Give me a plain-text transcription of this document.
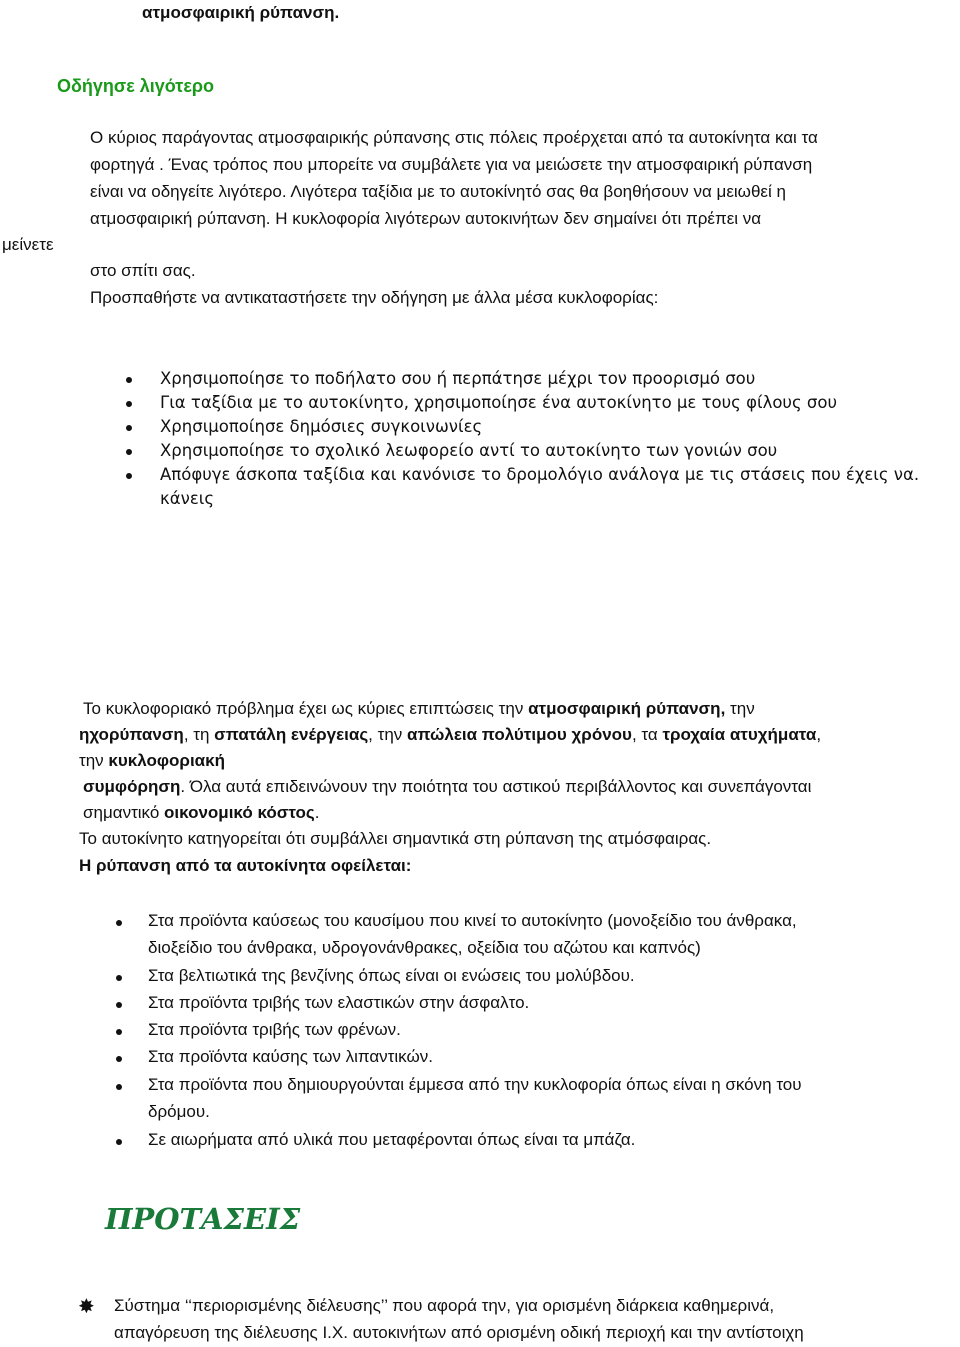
ατμοσφαιρική ρύπανση.
Οδήγησε λιγότερο
Ο κύριος παράγοντας ατμοσφαιρικής ρύπανσης στις πόλεις προέρχεται από τα αυτοκίνητα και τα
φορτηγά . Ένας τρόπος που μπορείτε να συμβάλετε για να μειώσετε την ατμοσφαιρική ρύπανση
είναι να οδηγείτε λιγότερο. Λιγότερα ταξίδια με το αυτοκίνητό σας θα βοηθήσουν να μειωθεί η
ατμοσφαιρική ρύπανση. Η κυκλοφορία λιγότερων αυτοκινήτων δεν σημαίνει ότι πρέπει να
μείνετε
στο σπίτι σας.
Προσπαθήστε να αντικαταστήσετε την οδήγηση με άλλα μέσα κυκλοφορίας:
Χρησιμοποίησε το ποδήλατο σου ή περπάτησε μέχρι τον προορισμό σου
Για ταξίδια με το αυτοκίνητο, χρησιμοποίησε ένα αυτοκίνητο με τους φίλους σου
Χρησιμοποίησε δημόσιες συγκοινωνίες
Χρησιμοποίησε το σχολικό λεωφορείο αντί το αυτοκίνητο των γονιών σου
Απόφυγε άσκοπα ταξίδια και κανόνισε το δρομολόγιο ανάλογα με τις στάσεις που έχεις να.
κάνεις
Το κυκλοφοριακό πρόβλημα έχει ως κύριες επιπτώσεις την ατμοσφαιρική ρύπανση, την
ηχορύπανση, τη σπατάλη ενέργειας, την απώλεια πολύτιμου χρόνου, τα τροχαία ατυχήματα,
την κυκλοφοριακή
συμφόρηση. Όλα αυτά επιδεινώνουν την ποιότητα του αστικού περιβάλλοντος και συνεπάγονται
σημαντικό οικονομικό κόστος.
Το αυτοκίνητο κατηγορείται ότι συμβάλλει σημαντικά στη ρύπανση της ατμόσφαιρας.
Η ρύπανση από τα αυτοκίνητα οφείλεται:
Στα προϊόντα καύσεως του καυσίμου που κινεί το αυτοκίνητο (μονοξείδιο του άνθρακα,
διοξείδιο του άνθρακα, υδρογονάνθρακες, οξείδια του αζώτου και καπνός)
Στα βελτιωτικά της βενζίνης όπως είναι οι ενώσεις του μολύβδου.
Στα προϊόντα τριβής των ελαστικών στην άσφαλτο.
Στα προϊόντα τριβής των φρένων.
Στα προϊόντα καύσης των λιπαντικών.
Στα προϊόντα που δημιουργούνται έμμεσα από την κυκλοφορία όπως είναι η σκόνη του
δρόμου.
Σε αιωρήματα από υλικά που μεταφέρονται όπως είναι τα μπάζα.
ΠΡΟΤΑΣΕΙΣ
✸ Σύστημα ‘‘περιορισμένης διέλευσης’’ που αφορά την, για ορισμένη διάρκεια καθημερινά,
απαγόρευση της διέλευσης Ι.Χ. αυτοκινήτων από ορισμένη οδική περιοχή και την αντίστοιχη
